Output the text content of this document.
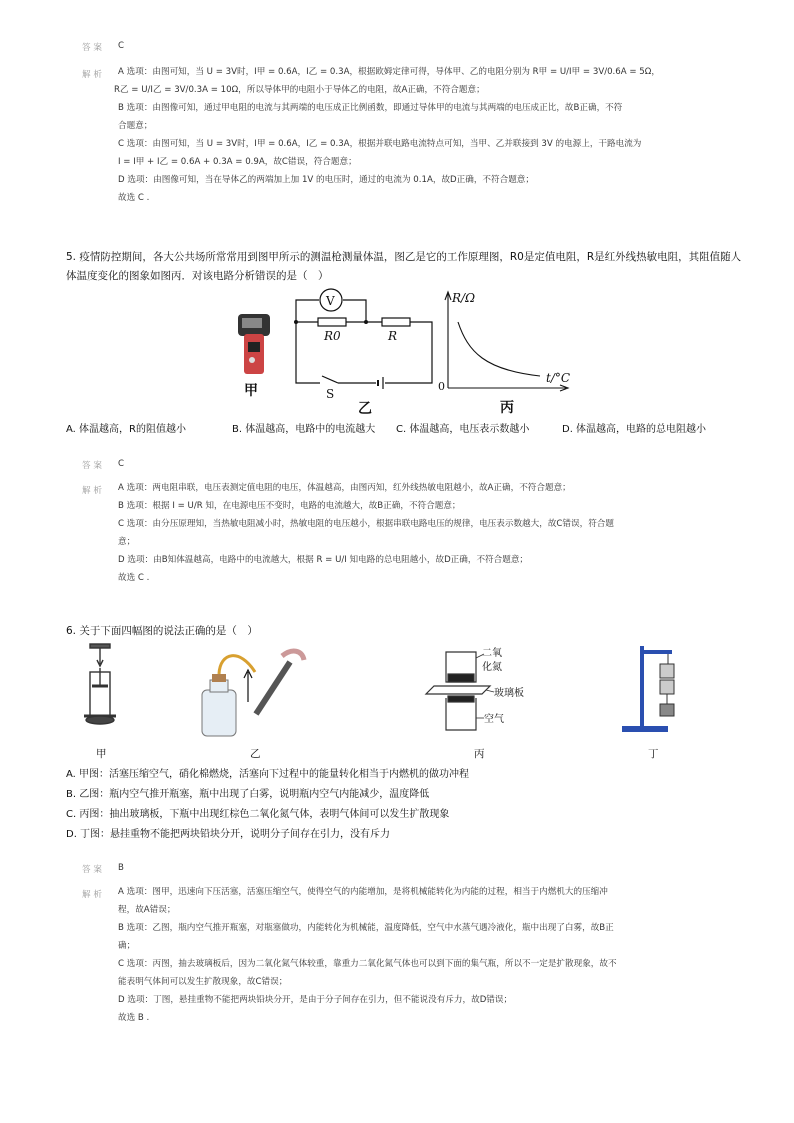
答 案 C
解 析 A 选项：由图可知，当 U = 3V时，I甲 = 0.6A，I乙 = 0.3A，根据欧姆定律可得，导体甲、乙的电阻分别为 R甲 = U/I甲 = 3V/0.6A = 5Ω，
R乙 = U/I乙 = 3V/0.3A = 10Ω，所以导体甲的电阻小于导体乙的电阻，故A正确，不符合题意；
B 选项：由图像可知，通过甲电阻的电流与其两端的电压成正比例函数，即通过导体甲的电流与其两端的电压成正比，故B正确，不符
合题意；
C 选项：由图可知，当 U = 3V时，I甲 = 0.6A，I乙 = 0.3A，根据并联电路电流特点可知，当甲、乙并联接到 3V 的电源上，干路电流为
I = I甲 + I乙 = 0.6A + 0.3A = 0.9A，故C错误，符合题意；
D 选项：由图像可知，当在导体乙的两端加上加 1V 的电压时，通过的电流为 0.1A，故D正确，不符合题意；
故选 C .
5. 疫情防控期间，各大公共场所常常用到图甲所示的测温枪测量体温，图乙是它的工作原理图，R0是定值电阻，R是红外线热敏电阻，其阻值随人
体温度变化的图象如图丙．对该电路分析错误的是（　）
甲
V
R0	R
S
乙
R/Ω
t/°C
0
丙
A. 体温越高，R的阻值越小	B. 体温越高，电路中的电流越大 C. 体温越高，电压表示数越小	D. 体温越高，电路的总电阻越小
答 案 C
解 析 A 选项：两电阻串联，电压表测定值电阻的电压，体温越高，由图丙知，红外线热敏电阻越小，故A正确，不符合题意；
B 选项：根据 I = U/R 知，在电源电压不变时，电路的电流越大，故B正确，不符合题意；
C 选项：由分压原理知，当热敏电阻减小时，热敏电阻的电压越小，根据串联电路电压的规律，电压表示数越大，故C错误，符合题
意；
D 选项：由B知体温越高，电路中的电流越大，根据 R = U/I 知电路的总电阻越小，故D正确，不符合题意；
故选 C .
6. 关于下面四幅图的说法正确的是（　）
二氧
化氮
玻璃板
空气
甲	乙	丙	丁
A. 甲图：活塞压缩空气，硝化棉燃烧，活塞向下过程中的能量转化相当于内燃机的做功冲程
B. 乙图：瓶内空气推开瓶塞，瓶中出现了白雾，说明瓶内空气内能减少，温度降低
C. 丙图：抽出玻璃板，下瓶中出现红棕色二氧化氮气体，表明气体间可以发生扩散现象
D. 丁图：悬挂重物不能把两块铅块分开，说明分子间存在引力，没有斥力
答 案 B
解 析 A 选项：图甲，迅速向下压活塞，活塞压缩空气，使得空气的内能增加，是将机械能转化为内能的过程，相当于内燃机大的压缩冲
程，故A错误；
B 选项：乙图，瓶内空气推开瓶塞，对瓶塞做功，内能转化为机械能，温度降低，空气中水蒸气遇冷液化，瓶中出现了白雾，故B正
确；
C 选项：丙图，抽去玻璃板后，因为二氧化氮气体较重，靠重力二氧化氮气体也可以到下面的集气瓶，所以不一定是扩散现象，故不
能表明气体间可以发生扩散现象，故C错误；
D 选项：丁图，悬挂重物不能把两块铅块分开，是由于分子间存在引力，但不能说没有斥力，故D错误；
故选 B .
